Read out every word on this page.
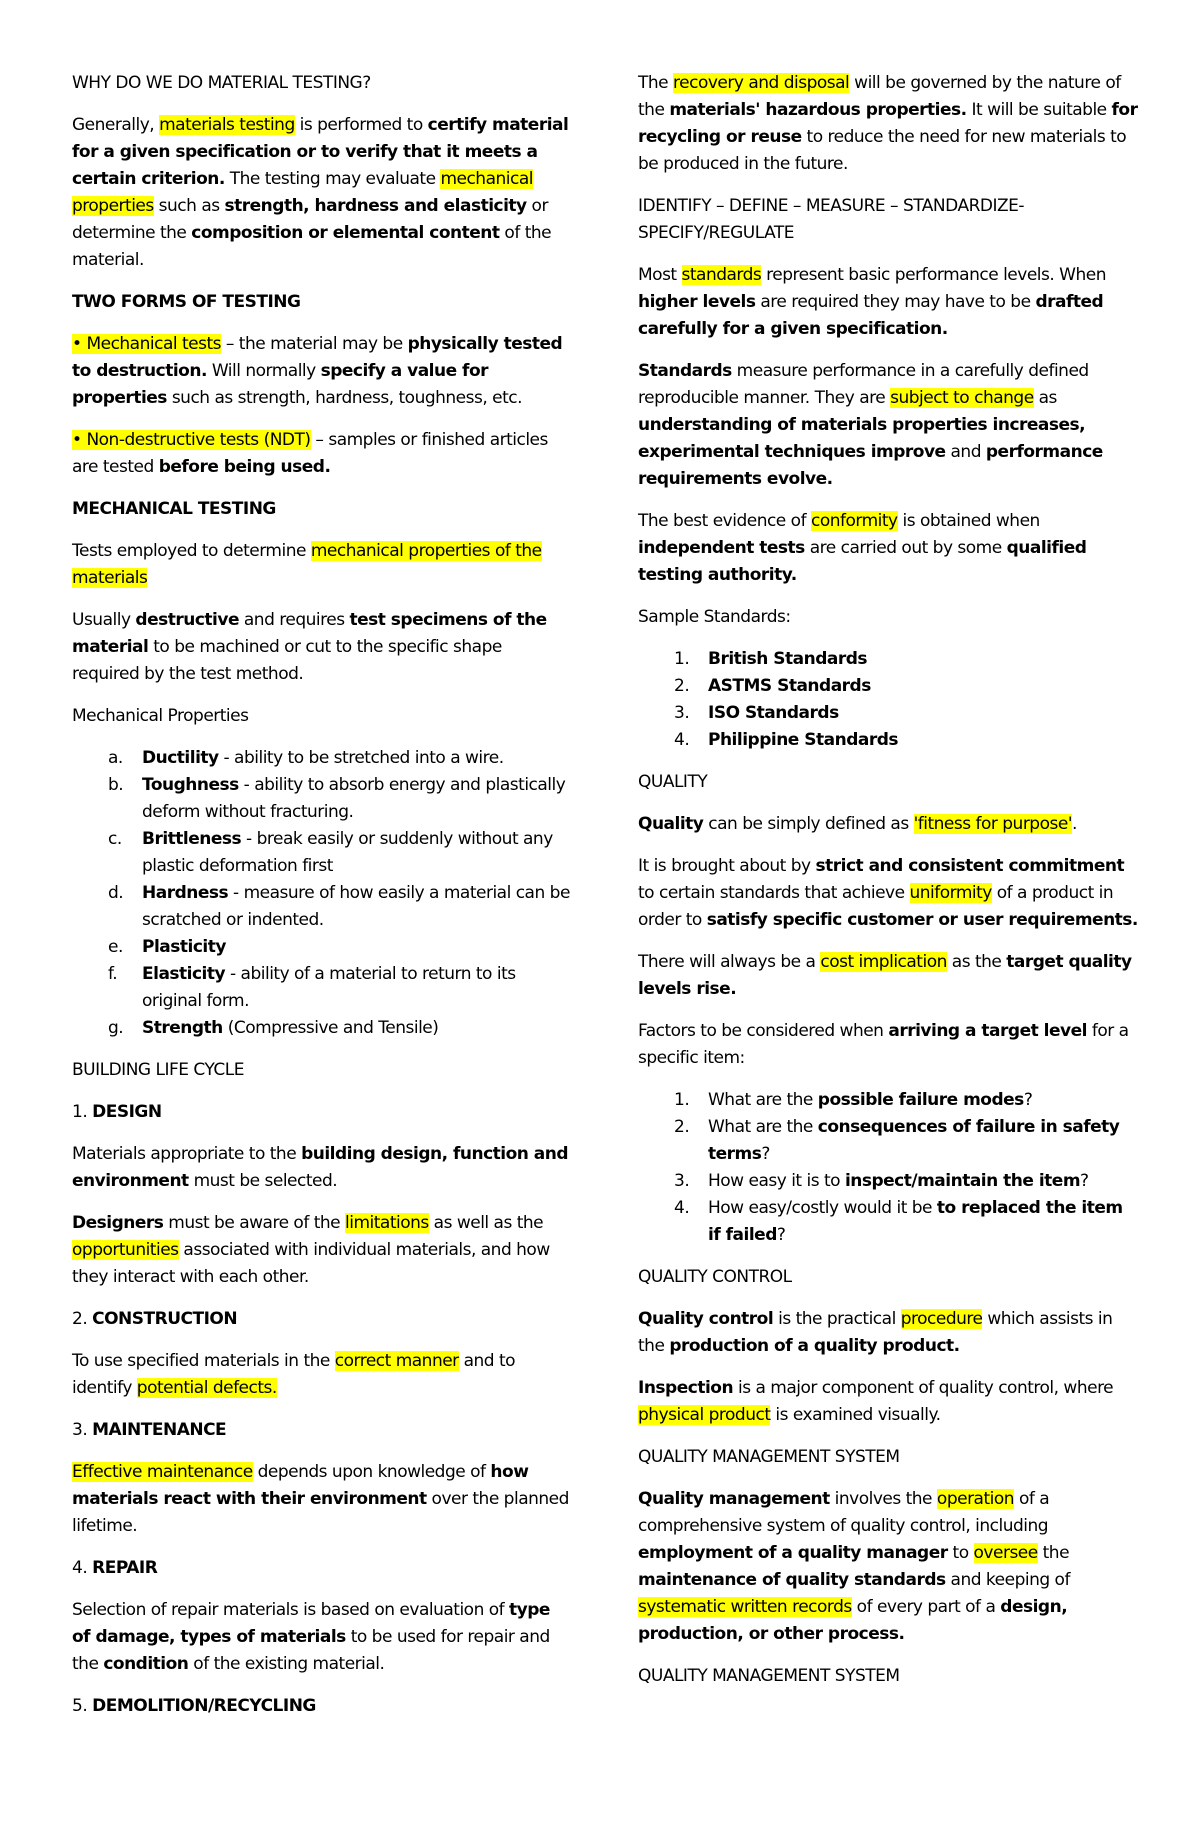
WHY DO WE DO MATERIAL TESTING?

Generally, materials testing is performed to certify material for a given specification or to verify that it meets a certain criterion. The testing may evaluate mechanical properties such as strength, hardness and elasticity or determine the composition or elemental content of the material.

TWO FORMS OF TESTING

• Mechanical tests – the material may be physically tested to destruction. Will normally specify a value for properties such as strength, hardness, toughness, etc.

• Non-destructive tests (NDT) – samples or finished articles are tested before being used.

MECHANICAL TESTING

Tests employed to determine mechanical properties of the materials

Usually destructive and requires test specimens of the material to be machined or cut to the specific shape required by the test method.

Mechanical Properties

a. Ductility - ability to be stretched into a wire.
b. Toughness - ability to absorb energy and plastically deform without fracturing.
c. Brittleness - break easily or suddenly without any plastic deformation first
d. Hardness - measure of how easily a material can be scratched or indented.
e. Plasticity
f. Elasticity - ability of a material to return to its original form.
g. Strength (Compressive and Tensile)

BUILDING LIFE CYCLE

1. DESIGN

Materials appropriate to the building design, function and environment must be selected.

Designers must be aware of the limitations as well as the opportunities associated with individual materials, and how they interact with each other.

2. CONSTRUCTION

To use specified materials in the correct manner and to identify potential defects.

3. MAINTENANCE

Effective maintenance depends upon knowledge of how materials react with their environment over the planned lifetime.

4. REPAIR

Selection of repair materials is based on evaluation of type of damage, types of materials to be used for repair and the condition of the existing material.

5. DEMOLITION/RECYCLING

The recovery and disposal will be governed by the nature of the materials' hazardous properties. It will be suitable for recycling or reuse to reduce the need for new materials to be produced in the future.

IDENTIFY – DEFINE – MEASURE – STANDARDIZE- SPECIFY/REGULATE

Most standards represent basic performance levels. When higher levels are required they may have to be drafted carefully for a given specification.

Standards measure performance in a carefully defined reproducible manner. They are subject to change as understanding of materials properties increases, experimental techniques improve and performance requirements evolve.

The best evidence of conformity is obtained when independent tests are carried out by some qualified testing authority.

Sample Standards:

1. British Standards
2. ASTMS Standards
3. ISO Standards
4. Philippine Standards

QUALITY

Quality can be simply defined as 'fitness for purpose'.

It is brought about by strict and consistent commitment to certain standards that achieve uniformity of a product in order to satisfy specific customer or user requirements.

There will always be a cost implication as the target quality levels rise.

Factors to be considered when arriving a target level for a specific item:

1. What are the possible failure modes?
2. What are the consequences of failure in safety terms?
3. How easy it is to inspect/maintain the item?
4. How easy/costly would it be to replaced the item if failed?

QUALITY CONTROL

Quality control is the practical procedure which assists in the production of a quality product.

Inspection is a major component of quality control, where physical product is examined visually.

QUALITY MANAGEMENT SYSTEM

Quality management involves the operation of a comprehensive system of quality control, including employment of a quality manager to oversee the maintenance of quality standards and keeping of systematic written records of every part of a design, production, or other process.

QUALITY MANAGEMENT SYSTEM
